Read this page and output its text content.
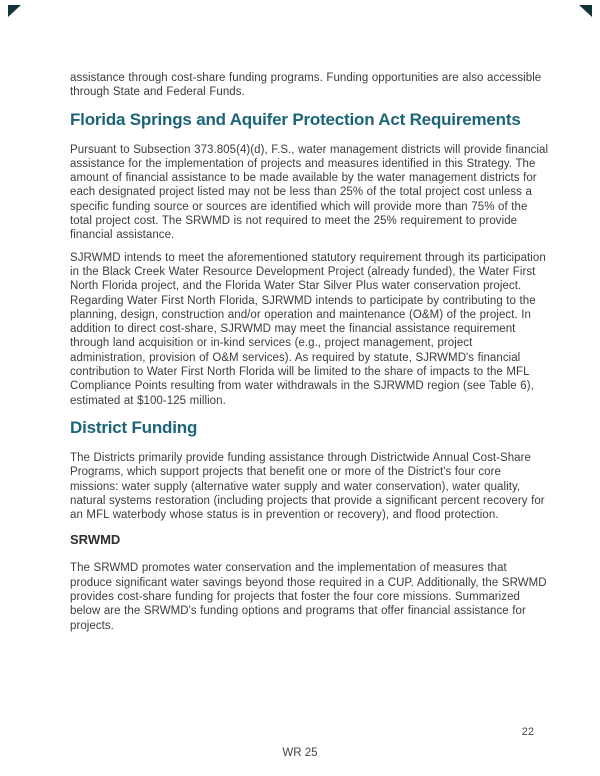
assistance through cost-share funding programs. Funding opportunities are also accessible through State and Federal Funds.

Florida Springs and Aquifer Protection Act Requirements

Pursuant to Subsection 373.805(4)(d), F.S., water management districts will provide financial assistance for the implementation of projects and measures identified in this Strategy. The amount of financial assistance to be made available by the water management districts for each designated project listed may not be less than 25% of the total project cost unless a specific funding source or sources are identified which will provide more than 75% of the total project cost. The SRWMD is not required to meet the 25% requirement to provide financial assistance.

SJRWMD intends to meet the aforementioned statutory requirement through its participation in the Black Creek Water Resource Development Project (already funded), the Water First North Florida project, and the Florida Water Star Silver Plus water conservation project. Regarding Water First North Florida, SJRWMD intends to participate by contributing to the planning, design, construction and/or operation and maintenance (O&M) of the project. In addition to direct cost-share, SJRWMD may meet the financial assistance requirement through land acquisition or in-kind services (e.g., project management, project administration, provision of O&M services). As required by statute, SJRWMD's financial contribution to Water First North Florida will be limited to the share of impacts to the MFL Compliance Points resulting from water withdrawals in the SJRWMD region (see Table 6), estimated at $100-125 million.

District Funding

The Districts primarily provide funding assistance through Districtwide Annual Cost-Share Programs, which support projects that benefit one or more of the District's four core missions: water supply (alternative water supply and water conservation), water quality, natural systems restoration (including projects that provide a significant percent recovery for an MFL waterbody whose status is in prevention or recovery), and flood protection.

SRWMD

The SRWMD promotes water conservation and the implementation of measures that produce significant water savings beyond those required in a CUP. Additionally, the SRWMD provides cost-share funding for projects that foster the four core missions. Summarized below are the SRWMD's funding options and programs that offer financial assistance for projects.

22
WR 25
